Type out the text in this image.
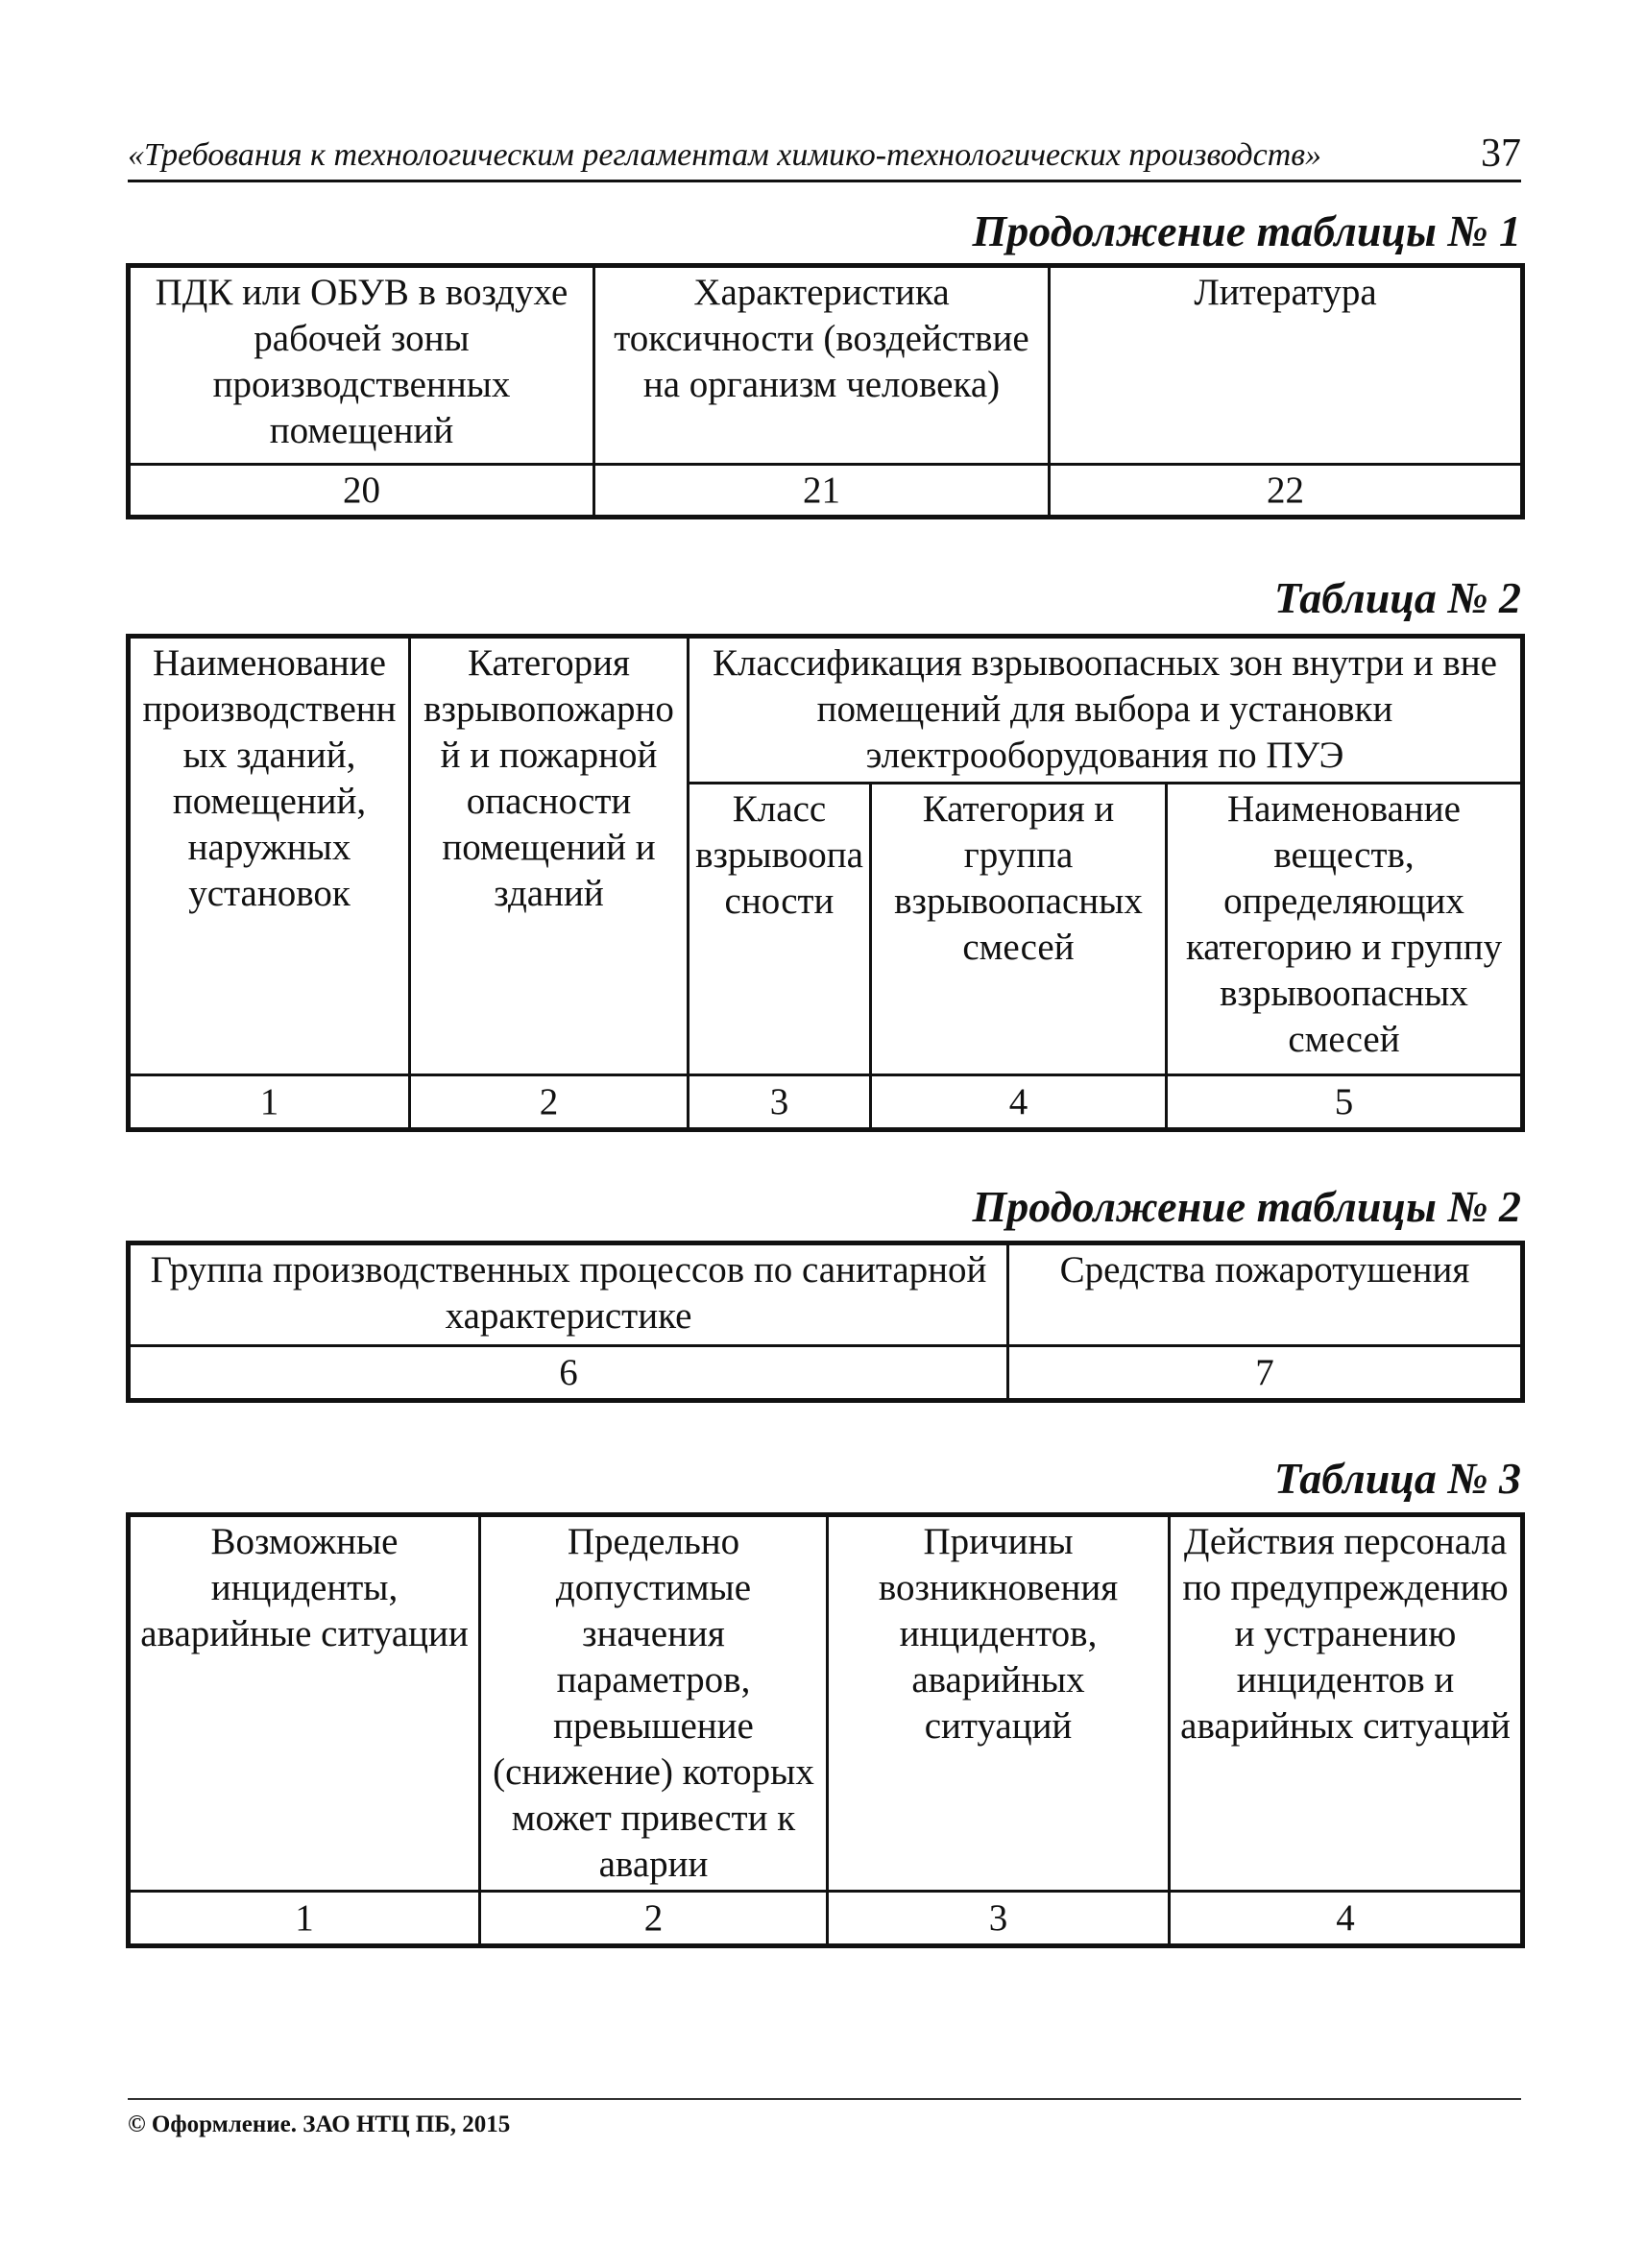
«Требования к технологическим регламентам химико-технологических производств»	37
Продолжение таблицы № 1
ПДК или ОБУВ в воздухе рабочей зоны производственных помещений	Характеристика токсичности (воздействие на организм человека)	Литература
20	21	22
Таблица № 2
Наименование производственных зданий, помещений, наружных установок	Категория взрывопожарной и пожарной опасности помещений и зданий	Классификация взрывоопасных зон внутри и вне помещений для выбора и установки электрооборудования по ПУЭ		
		Класс взрывоопасности	Категория и группа взрывоопасных смесей	Наименование веществ, определяющих категорию и группу взрывоопасных смесей
1	2	3	4	5
Продолжение таблицы № 2
Группа производственных процессов по санитарной характеристике	Средства пожаротушения
6	7
Таблица № 3
Возможные инциденты, аварийные ситуации	Предельно допустимые значения параметров, превышение (снижение) которых может привести к аварии	Причины возникновения инцидентов, аварийных ситуаций	Действия персонала по предупреждению и устранению инцидентов и аварийных ситуаций
1	2	3	4
© Оформление. ЗАО НТЦ ПБ, 2015
